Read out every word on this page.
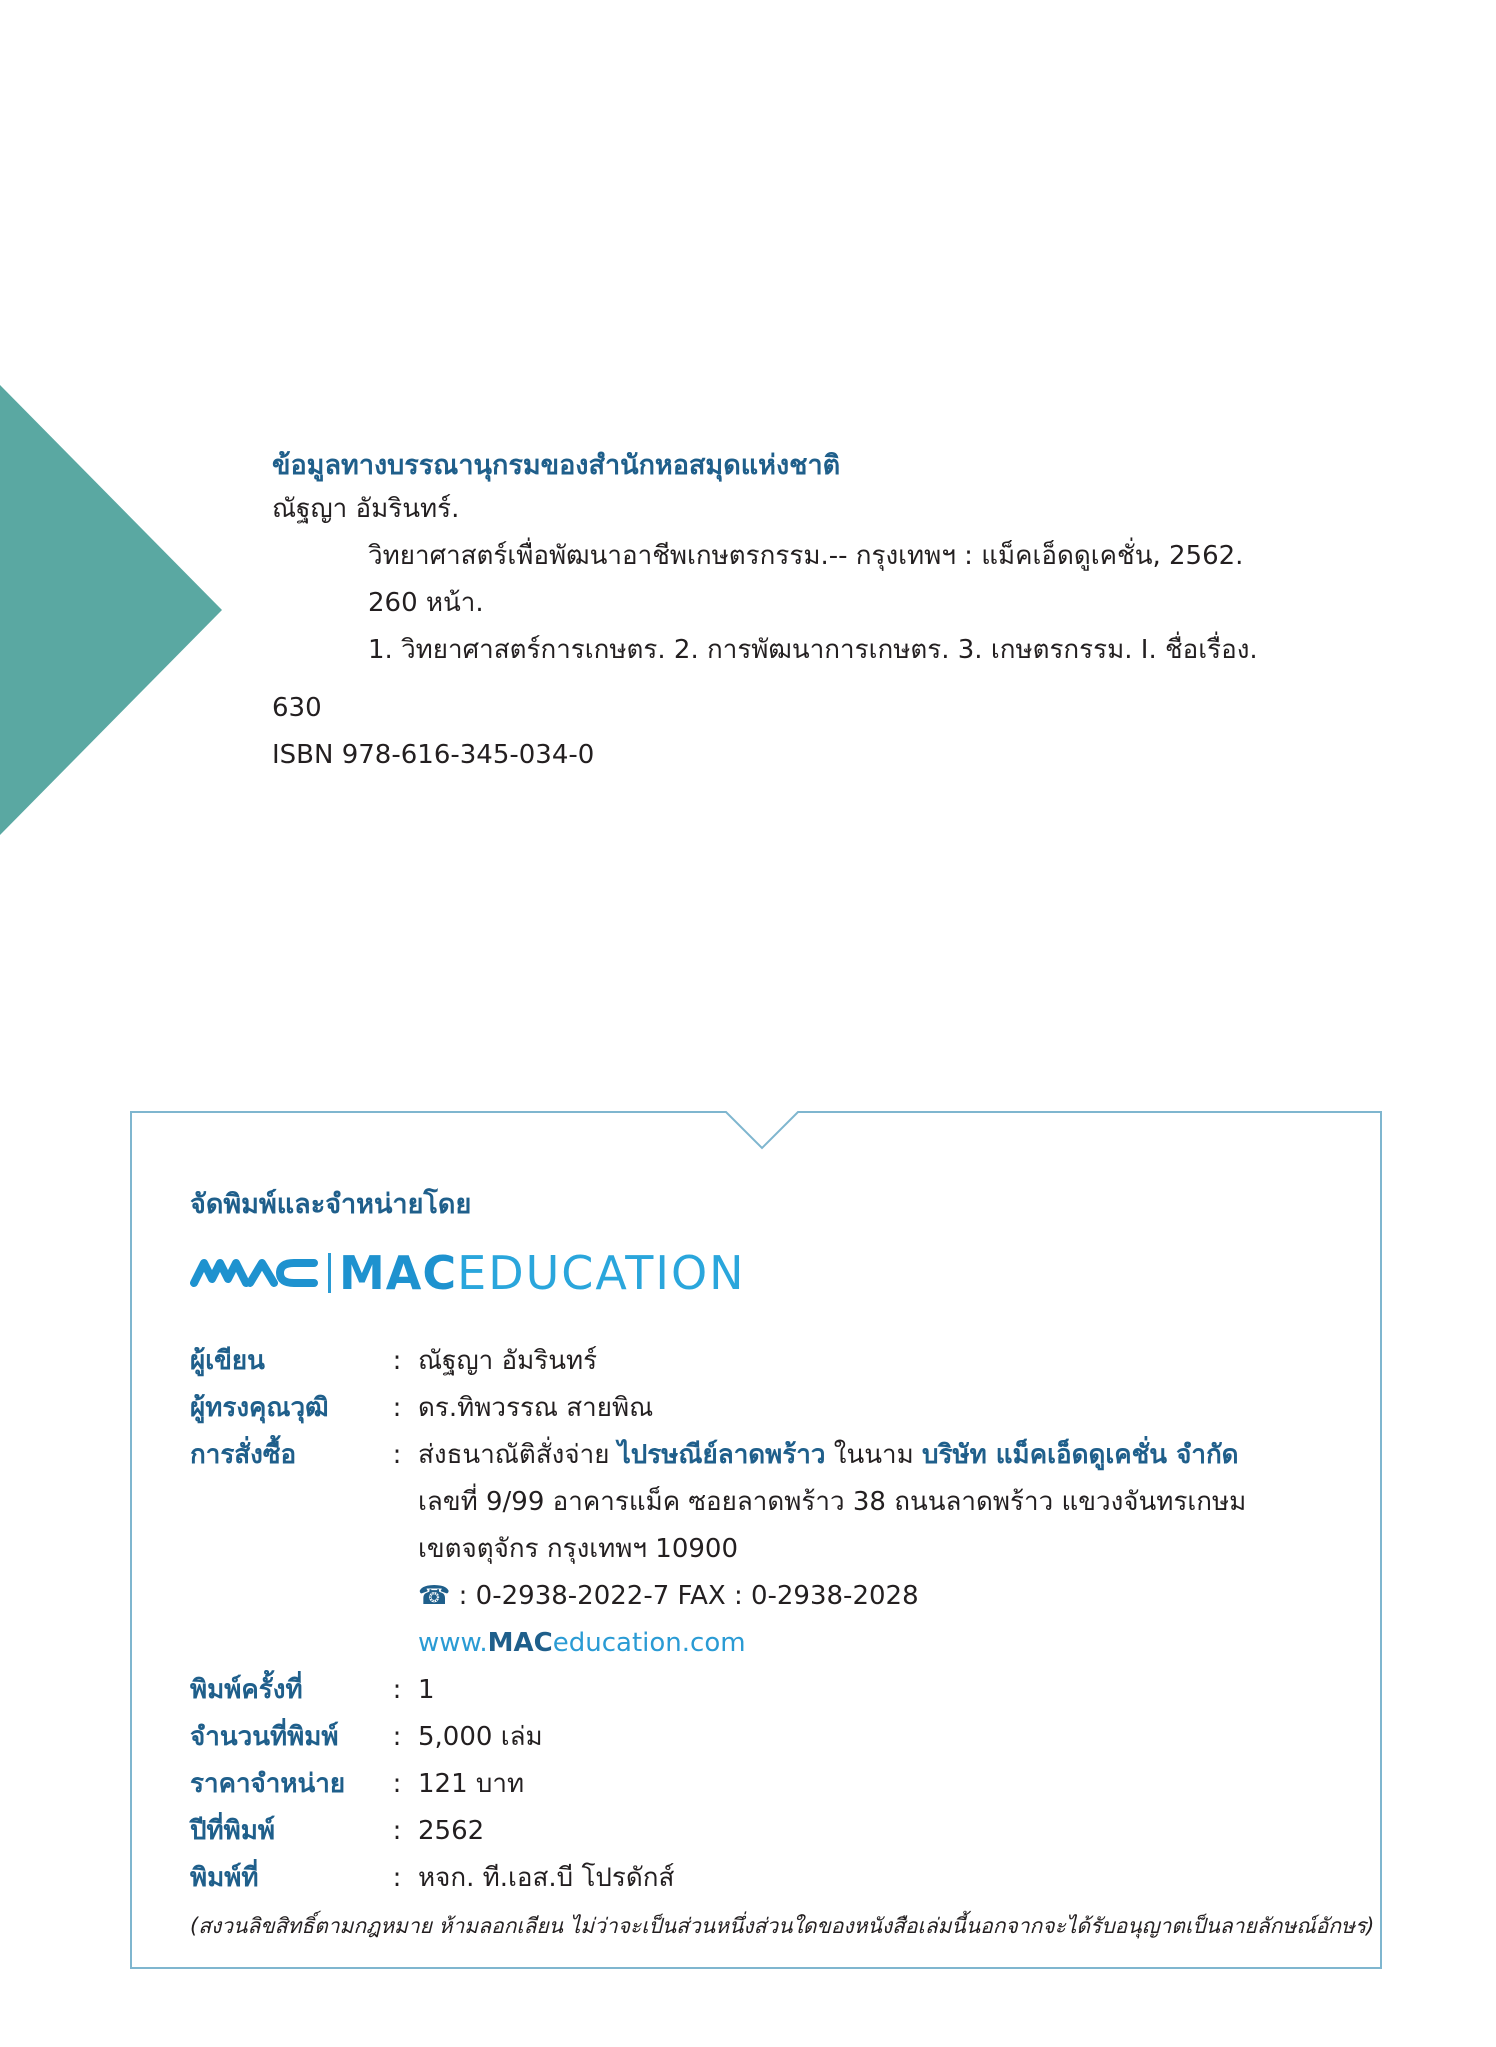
ข้อมูลทางบรรณานุกรมของสำนักหอสมุดแห่งชาติ
ณัฐญา อัมรินทร์.
วิทยาศาสตร์เพื่อพัฒนาอาชีพเกษตรกรรม.-- กรุงเทพฯ : แม็คเอ็ดดูเคชั่น, 2562.
260 หน้า.
1. วิทยาศาสตร์การเกษตร. 2. การพัฒนาการเกษตร. 3. เกษตรกรรม. I. ชื่อเรื่อง.
630
ISBN 978-616-345-034-0
จัดพิมพ์และจำหน่ายโดย
MAC EDUCATION
ผู้เขียน	: ณัฐญา อัมรินทร์
ผู้ทรงคุณวุฒิ	: ดร.ทิพวรรณ สายพิณ
การสั่งซื้อ	: ส่งธนาณัติสั่งจ่าย ไปรษณีย์ลาดพร้าว ในนาม บริษัท แม็คเอ็ดดูเคชั่น จำกัด
เลขที่ 9/99 อาคารแม็ค ซอยลาดพร้าว 38 ถนนลาดพร้าว แขวงจันทรเกษม
เขตจตุจักร กรุงเทพฯ 10900
☎ : 0-2938-2022-7 FAX : 0-2938-2028
www.MACeducation.com
พิมพ์ครั้งที่	: 1
จำนวนที่พิมพ์	: 5,000 เล่ม
ราคาจำหน่าย	: 121 บาท
ปีที่พิมพ์	: 2562
พิมพ์ที่	: หจก. ที.เอส.บี โปรดักส์
(สงวนลิขสิทธิ์ตามกฎหมาย ห้ามลอกเลียน ไม่ว่าจะเป็นส่วนหนึ่งส่วนใดของหนังสือเล่มนี้นอกจากจะได้รับอนุญาตเป็นลายลักษณ์อักษร)
